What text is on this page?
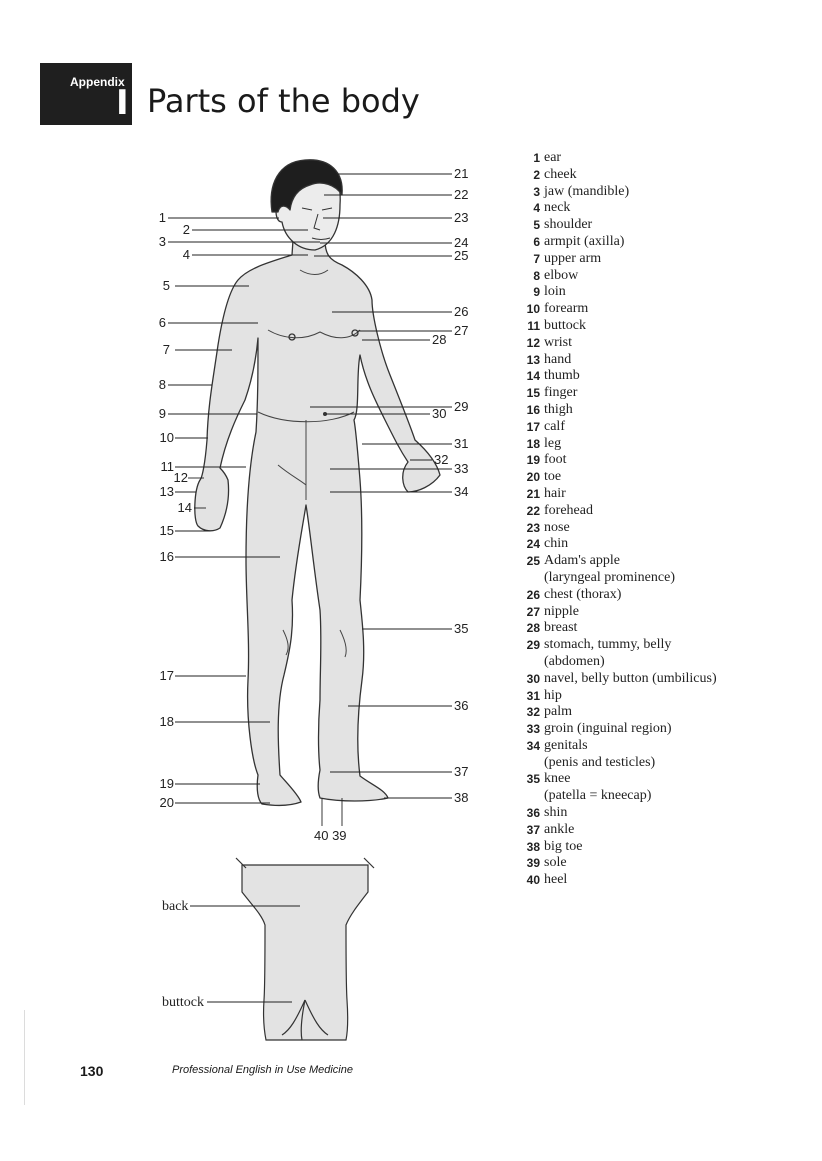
Appendix
I Parts of the body
1
2
3
4
5
6
7
8
9
10
11
12
13
14
15
16
17
18
19
20
21
22
23
24
25
26
27
28
29
30
31
32
33
34
35
36
37
38
40 39
back
buttock
1 ear
2 cheek
3 jaw (mandible)
4 neck
5 shoulder
6 armpit (axilla)
7 upper arm
8 elbow
9 loin
10 forearm
11 buttock
12 wrist
13 hand
14 thumb
15 finger
16 thigh
17 calf
18 leg
19 foot
20 toe
21 hair
22 forehead
23 nose
24 chin
25 Adam's apple
(laryngeal prominence)
26 chest (thorax)
27 nipple
28 breast
29 stomach, tummy, belly
(abdomen)
30 navel, belly button (umbilicus)
31 hip
32 palm
33 groin (inguinal region)
34 genitals
(penis and testicles)
35 knee
(patella = kneecap)
36 shin
37 ankle
38 big toe
39 sole
40 heel
130	Professional English in Use Medicine
